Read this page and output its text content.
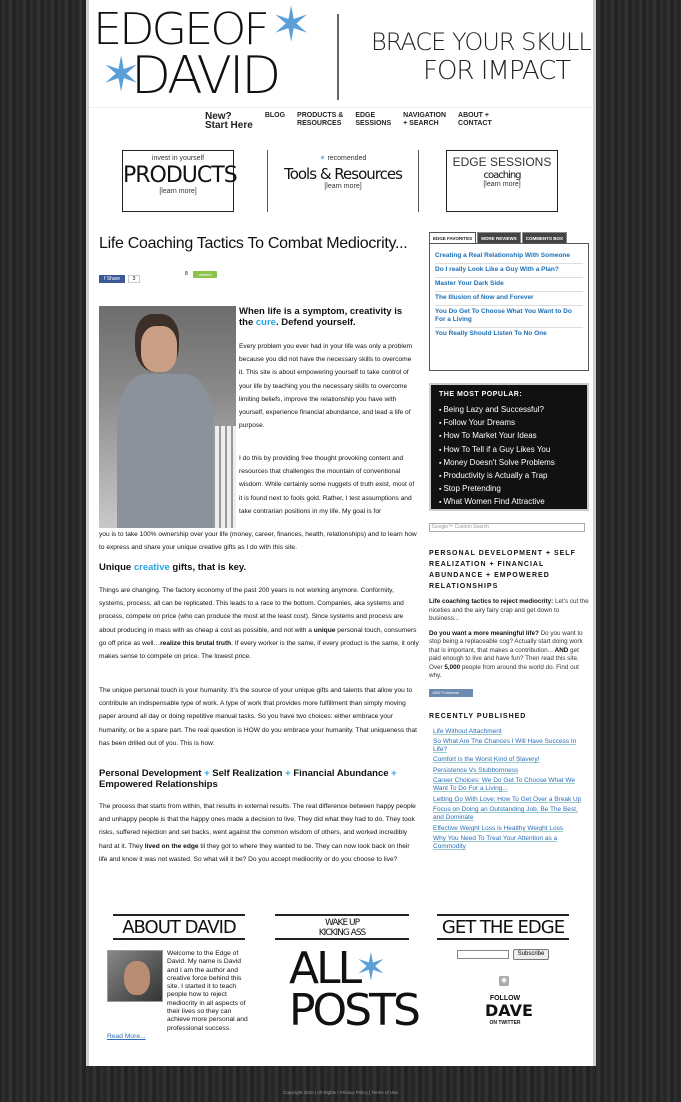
EDGEOF
DAVID
✶
✶
BRACE YOUR SKULL
FOR IMPACT
New?
Start Here
BLOG PRODUCTS &
RESOURCES
EDGE
SESSIONS
NAVIGATION
+ SEARCH
ABOUT +
CONTACT
invest in yourself
PRODUCTS
[learn more]
✶ recomended
Tools & Resources
[learn more]
EDGE SESSIONS
coaching
[learn more]
Life Coaching Tactics To Combat Mediocrity...
f Share	3
8	retweet
When life is a symptom, creativity is the cure. Defend yourself.

Every problem you ever had in your life was only a problem because you did not have the necessary skills to overcome it. This site is about empowering yourself to take control of your life by teaching you the necessary skills to overcome limiting beliefs, improve the relationship you have with yourself, experience financial abundance, and lead a life of purpose.

I do this by providing free thought provoking content and resources that challenges the mountain of conventional wisdom. While certainly some nuggets of truth exist, most of it is found next to fools gold. Rather, I test assumptions and take contrarian positions in my life. My goal is for

you is to take 100% ownership over your life (money, career, finances, health, relationships) and to learn how to express and share your unique creative gifts as I do with this site.

Unique creative gifts, that is key.

Things are changing. The factory economy of the past 200 years is not working anymore. Conformity, systems, process, all can be replicated. This leads to a race to the bottom. Companies, aka systems and process, compete on price (who can produce the most at the least cost). Since systems and process are about producing in mass with as cheap a cost as possible, and not with a unique personal touch, consumers go off price as well…realize this brutal truth. If every worker is the same, if every product is the same, it only makes sense to compete on price. The lowest price.

The unique personal touch is your humanity. It’s the source of your unique gifts and talents that allow you to contribute an indispensable type of work. A type of work that provides more fulfillment than simply moving paper around all day or doing repetitive manual tasks. So you have two choices: either embrace your humanity, or be a spare part. The real question is HOW do you embrace your humanity. That uniqueness that has been drilled out of you. This is how:

Personal Development + Self Realization + Financial Abundance +
Empowered Relationships

The process that starts from within, that results in external results. The real difference between happy people and unhappy people is that the happy ones made a decision to live. They did what they had to do. They took risks, suffered rejection and set backs, went against the common wisdom of others, and worked incredibly hard at it. They lived on the edge til they got to where they wanted to be. They can now look back on their life and know it was not wasted. So what will it be? Do you accept mediocrity or do you choose to live?

EDGE FAVORITES	MORE REVIEWS	COMMENTS BOX
Creating a Real Relationship With Someone
Do I really Look Like a Guy With a Plan?
Master Your Dark Side
The Illusion of Now and Forever
You Do Get To Choose What You Want to Do For a Living
You Really Should Listen To No One
THE MOST POPULAR:
▪ Being Lazy and Successful?
▪ Follow Your Dreams
▪ How To Market Your Ideas
▪ How To Tell if a Guy Likes You
▪ Money Doesn't Solve Problems
▪ Productivity is Actually a Trap
▪ Stop Pretending
▪ What Women Find Attractive
Google™ Custom Search
PERSONAL DEVELOPMENT + SELF REALIZATION + FINANCIAL ABUNDANCE + EMPOWERED RELATIONSHIPS
Life coaching tactics to reject mediocrity: Let's cut the niceties and the airy fairy crap and get down to business...
Do you want a more meaningful life? Do you want to stop being a replaceable cog? Actually start doing work that is important, that makes a contribution... AND get paid enough to live and have fun? Then read this site. Over 5,000 people from around the world do. Find out why.
1657 Followers
RECENTLY PUBLISHED
Life Without Attachment
So What Are The Chances I Will Have Success In Life?
Comfort is the Worst Kind of Slavery!
Persistence Vs Stubbornness
Career Choices: We Do Get To Choose What We Want To Do For a Living...
Letting Go With Love: How To Get Over a Break Up
Focus on Doing an Outstanding Job, Be The Best, and Dominate
Effective Weight Loss is Healthy Weight Loss
Why You Need To Treat Your Attention as a Commodity
ABOUT DAVID	WAKE UP
KICKING ASS	GET THE EDGE
Welcome to the Edge of David. My name is David and I am the author and creative force behind this site. I started it to teach people how to reject mediocrity in all aspects of their lives so they can achieve more personal and professional success.
Read More...
ALL
POSTS
✶	Subscribe
◉
FOLLOW
DAVE
ON TWITTER
Copyright 2010 | All Rights | Privacy Policy | Terms of Use
